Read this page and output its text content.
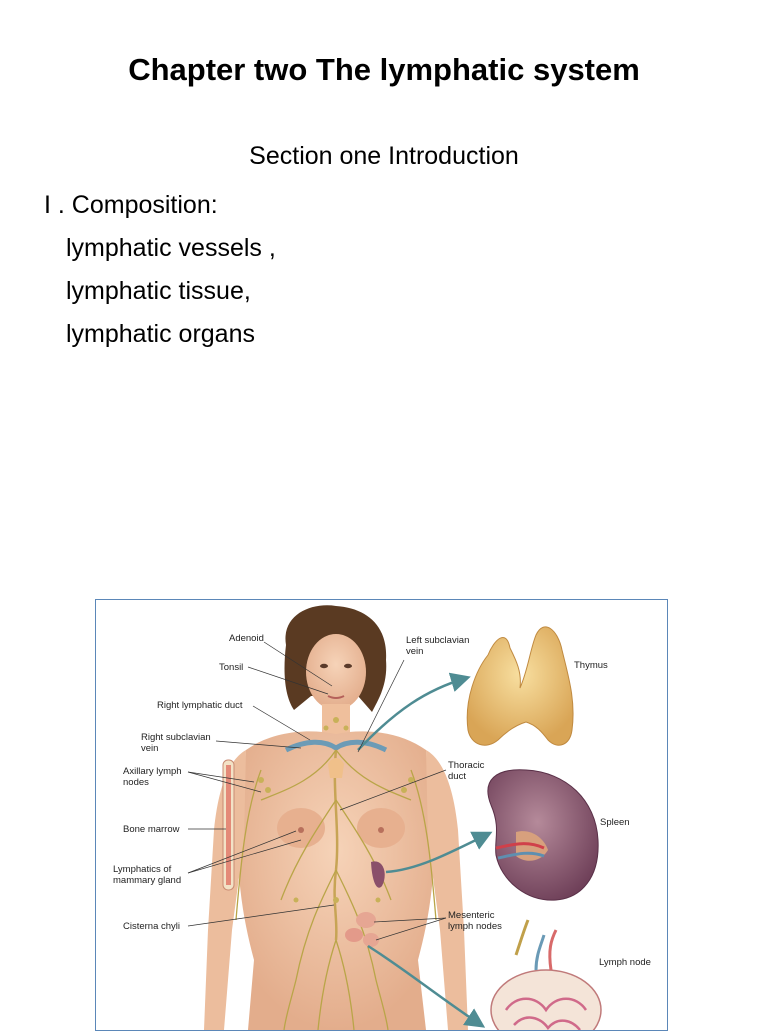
Chapter two The lymphatic system
Section one Introduction
I . Composition:
lymphatic vessels ,
lymphatic tissue,
lymphatic organs
Adenoid
Tonsil
Right lymphatic duct
Right subclavian
vein
Axillary lymph
nodes
Bone marrow
Lymphatics of
mammary gland
Cisterna chyli
Left subclavian
vein
Thymus
Thoracic
duct
Spleen
Mesenteric
lymph nodes
Lymph node
